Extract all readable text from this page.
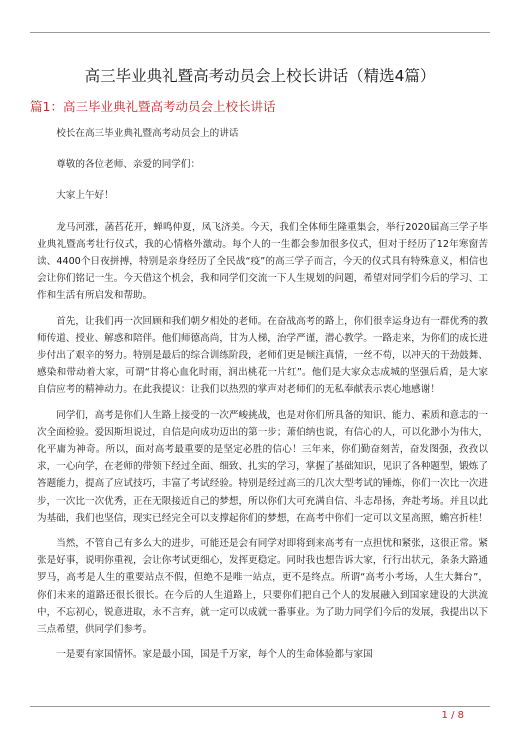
高三毕业典礼暨高考动员会上校长讲话（精选4篇）
篇1：高三毕业典礼暨高考动员会上校长讲话

校长在高三毕业典礼暨高考动员会上的讲话

尊敬的各位老师、亲爱的同学们：

大家上午好！

龙马河涨，菡萏花开，蝉鸣仲夏，凤飞济美。今天，我们全体师生隆重集会，举行2020届高三学子毕业典礼暨高考壮行仪式，我的心情格外激动。每个人的一生都会参加很多仪式，但对于经历了12年寒窗苦读、4400个日夜拼搏，特别是亲身经历了全民战“疫”的高三学子而言，今天的仪式具有特殊意义，相信也会让你们铭记一生。今天借这个机会，我和同学们交流一下人生规划的问题，希望对同学们今后的学习、工作和生活有所启发和帮助。

首先，让我们再一次回顾和我们朝夕相处的老师。在奋战高考的路上，你们很幸运身边有一群优秀的教师传道、授业、解惑和陪伴。他们师德高尚，甘为人梯，治学严谨，潜心教学。一路走来，为你们的成长进步付出了艰辛的努力。特别是最后的综合训练阶段，老师们更是倾注真情，一丝不苟，以冲天的干劲鼓舞、感染和带动着大家，可谓“甘将心血化时雨，润出桃花一片红”。他们是大家众志成城的坚强后盾，是大家自信应考的精神动力。在此我提议：让我们以热烈的掌声对老师们的无私奉献表示衷心地感谢！

同学们，高考是你们人生路上接受的一次严峻挑战，也是对你们所具备的知识、能力、素质和意志的一次全面检验。爱因斯坦说过，自信是向成功迈出的第一步；萧伯纳也说，有信心的人，可以化渺小为伟大，化平庸为神奇。所以，面对高考最重要的是坚定必胜的信心！三年来，你们勤奋刻苦，奋发图强，孜孜以求，一心向学，在老师的带领下经过全面、细致、扎实的学习，掌握了基础知识，见识了各种题型，锻炼了答题能力，提高了应试技巧，丰富了考试经验。特别是经过高三的几次大型考试的锤炼，你们一次比一次进步，一次比一次优秀，正在无限接近自己的梦想，所以你们大可充满自信、斗志昂扬，奔赴考场。并且以此为基础，我们也坚信，现实已经完全可以支撑起你们的梦想，在高考中你们一定可以文星高照，蟾宫折桂！

当然，不管自己有多么大的进步，可能还是会有同学对即将到来高考有一点担忧和紧张，这很正常。紧张是好事，说明你重视，会让你考试更细心，发挥更稳定。同时我也想告诉大家，行行出状元，条条大路通罗马，高考是人生的重要站点不假，但绝不是唯一站点，更不是终点。所谓“高考小考场，人生大舞台”，你们未来的道路还很长很长。在今后的人生道路上，只要你们把自己个人的发展融入到国家建设的大洪流中，不忘初心，锐意进取，永不言弃，就一定可以成就一番事业。为了助力同学们今后的发展，我提出以下三点希望，供同学们参考。

一是要有家国情怀。家是最小国，国是千万家，每个人的生命体验都与家国

1 / 8
